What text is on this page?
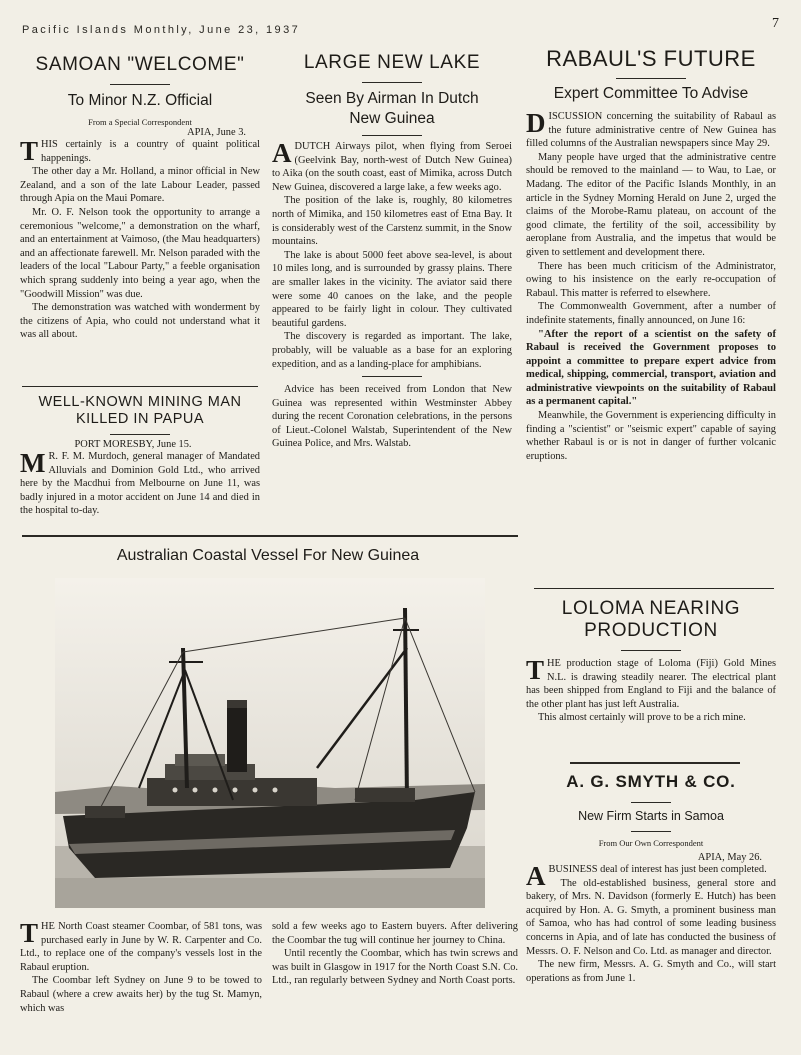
Pacific Islands Monthly, June 23, 1937	7
SAMOAN "WELCOME"
To Minor N.Z. Official
From a Special Correspondent
APIA, June 3.

THIS certainly is a country of quaint political happenings.

The other day a Mr. Holland, a minor official in New Zealand, and a son of the late Labour Leader, passed through Apia on the Maui Pomare.

Mr. O. F. Nelson took the opportunity to arrange a ceremonious "welcome," a demonstration on the wharf, and an entertainment at Vaimoso, (the Mau headquarters) and an affectionate farewell. Mr. Nelson paraded with the leaders of the local "Labour Party," a feeble organisation which sprang suddenly into being a year ago, when the "Goodwill Mission" was due.

The demonstration was watched with wonderment by the citizens of Apia, who could not understand what it was all about.

WELL-KNOWN MINING MAN
KILLED IN PAPUA
PORT MORESBY, June 15.

M R. F. M. Murdoch, general manager of Mandated Alluvials and Dominion Gold Ltd., who arrived here by the Macdhui from Melbourne on June 11, was badly injured in a motor accident on June 14 and died in the hospital to-day.

LARGE NEW LAKE
Seen By Airman In Dutch
New Guinea

ADUTCH Airways pilot, when flying from Seroei (Geelvink Bay, north-west of Dutch New Guinea) to Aika (on the south coast, east of Mimika, across Dutch New Guinea, discovered a large lake, a few weeks ago.

The position of the lake is, roughly, 80 kilometres north of Mimika, and 150 kilometres east of Etna Bay. It is considerably west of the Carstenz summit, in the Snow mountains.

The lake is about 5000 feet above sea-level, is about 10 miles long, and is surrounded by grassy plains. There are smaller lakes in the vicinity. The aviator said there were some 40 canoes on the lake, and the people appeared to be fairly light in colour. They cultivated beautiful gardens.

The discovery is regarded as important. The lake, probably, will be valuable as a base for an exploring expedition, and as a landing-place for amphibians.

Advice has been received from London that New Guinea was represented within Westminster Abbey during the recent Coronation celebrations, in the persons of Lieut.-Colonel Walstab, Superintendent of the New Guinea Police, and Mrs. Walstab.

RABAUL'S FUTURE
Expert Committee To Advise

DISCUSSION concerning the suitability of Rabaul as the future administrative centre of New Guinea has filled columns of the Australian newspapers since May 29.

Many people have urged that the administrative centre should be removed to the mainland — to Wau, to Lae, or Madang. The editor of the Pacific Islands Monthly, in an article in the Sydney Morning Herald on June 2, urged the claims of the Morobe-Ramu plateau, on account of the good climate, the fertility of the soil, accessibility by aeroplane from Australia, and the impetus that would be given to settlement and development there.

There has been much criticism of the Administrator, owing to his insistence on the early re-occupation of Rabaul. This matter is referred to elsewhere.

The Commonwealth Government, after a number of indefinite statements, finally announced, on June 16:

"After the report of a scientist on the safety of Rabaul is received the Government proposes to appoint a committee to prepare expert advice from medical, shipping, commercial, transport, aviation and administrative viewpoints on the suitability of Rabaul as a permanent capital."

Meanwhile, the Government is experiencing difficulty in finding a "scientist" or "seismic expert" capable of saying whether Rabaul is or is not in danger of further volcanic eruptions.

Australian Coastal Vessel For New Guinea

THE North Coast steamer Coombar, of 581 tons, was purchased early in June by W. R. Carpenter and Co. Ltd., to replace one of the company's vessels lost in the Rabaul eruption.

The Coombar left Sydney on June 9 to be towed to Rabaul (where a crew awaits her) by the tug St. Mamyn, which was

sold a few weeks ago to Eastern buyers. After delivering the Coombar the tug will continue her journey to China.

Until recently the Coombar, which has twin screws and was built in Glasgow in 1917 for the North Coast S.N. Co. Ltd., ran regularly between Sydney and North Coast ports.

LOLOMA NEARING
PRODUCTION

THE production stage of Loloma (Fiji) Gold Mines N.L. is drawing steadily nearer. The electrical plant has been shipped from England to Fiji and the balance of the other plant has just left Australia.

This almost certainly will prove to be a rich mine.

A. G. SMYTH & CO.
New Firm Starts in Samoa
From Our Own Correspondent
APIA, May 26.

ABUSINESS deal of interest has just been completed.

The old-established business, general store and bakery, of Mrs. N. Davidson (formerly E. Hutch) has been acquired by Hon. A. G. Smyth, a prominent business man of Samoa, who has had control of some leading business concerns in Apia, and of late has conducted the business of Messrs. O. F. Nelson and Co. Ltd. as manager and director.

The new firm, Messrs. A. G. Smyth and Co., will start operations as from June 1.
